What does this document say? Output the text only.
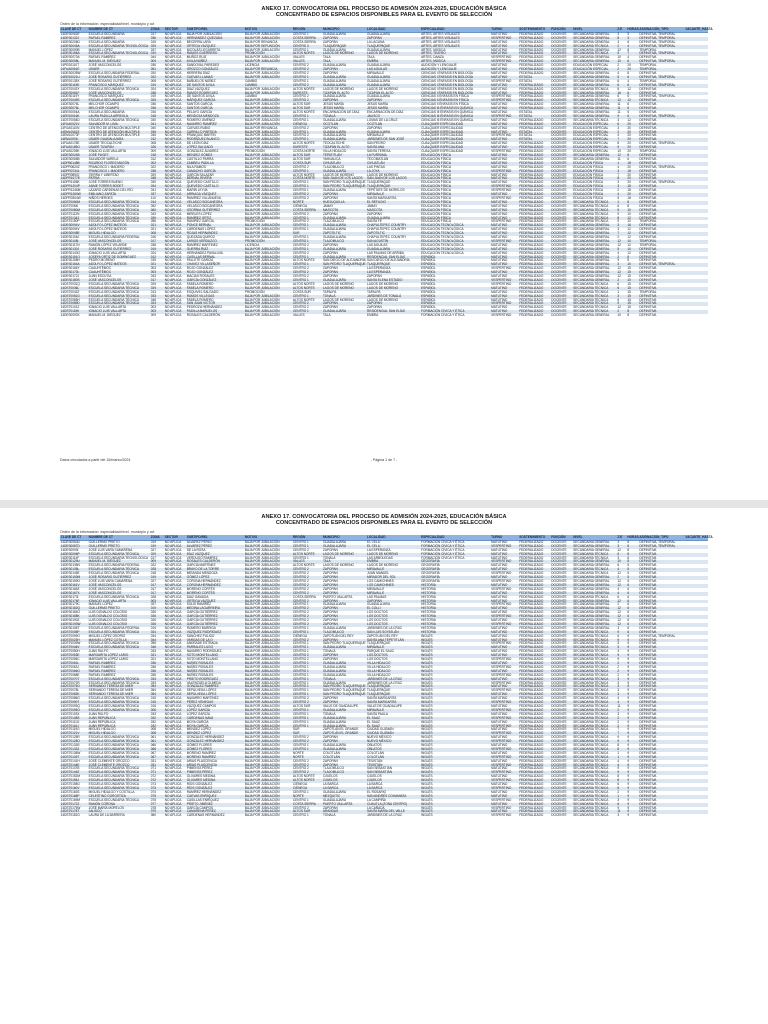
ANEXO 17. CONVOCATORIA DEL PROCESO DE ADMISIÓN 2024-2025, EDUCACIÓN BÁSICA
CONCENTRADO DE ESPACIOS DISPONIBLES PARA EL EVENTO DE SELECCIÓN
Orden de la información: especialidad/nivel, municipio y cct
CLAVE DE CT	NOMBRE DE CT	ZONA	SECTOR	SUBTIPO/REL	MOTIVO	REGIÓN	MUNICIPIO	LOCALIDAD	ESPECIALIDAD	TURNO	SOSTENIMIENTO	FUNCIÓN	NIVEL	Z.E	HORAS	ASIGNACIÓN_TIPO	VACANTE_HASTA
14DES0062E	ESCUELA SECUNDARIA	017	NO APLICA	BAJA POR JUBILACIÓN	BAJA POR JUBILACIÓN	CENTRO 1	GUADALAJARA	GUADALAJARA	ARTES, ARTES VISUALES	MATUTINO	FEDERALIZADO	DOCENTE	SECUNDARIA GENERAL	3	5	DEFINITIVA, TEMPORAL	
14DES0132J	RAFAEL RAMÍREZ	036	NO APLICA	HERNÁNDEZ QUEZADA	BAJA POR JUBILACIÓN	COSTA SIERRA	ZAPOPAN	ZAPOPAN	ARTES, ARTES VISUALES	VESPERTINO	FEDERALIZADO	DOCENTE	SECUNDARIA GENERAL	8	3	DEFINITIVA, TEMPORAL	
14DES0206D	ESCUELA SECUNDARIA	015	NO APLICA	BECERRA LARA	BAJA POR RENUNCIA	COSTA SIERRA	ZAPOPAN	LA LAGUNA	ARTES, ARTES VISUALES	MATUTINO	FEDERALIZADO	DOCENTE	SECUNDARIA GENERAL	4	6	DEFINITIVA, TEMPORAL	
14DES0045A	ESCUELA SECUNDARIA TECNOLÓGICA	029	NO APLICA	ORTEGA VÁZQUEZ	BAJA POR DEFUNCIÓN	CENTRO 3	TLAQUEPAQUE	TLAQUEPAQUE	ARTES, ARTES VISUALES	MATUTINO	FEDERALIZADO	DOCENTE	SECUNDARIA TÉCNICA	2	4	DEFINITIVA, TEMPORAL	
14DES0090B	MANUEL LÓPEZ	037	NO APLICA	NICOLÁS LEGARRETA	BAJA POR JUBILACIÓN	CENTRO 1	GUADALAJARA	GUADALAJARA	ARTES, MÚSICA	MATUTINO	FEDERALIZADO	DOCENTE	SECUNDARIA GENERAL	12	8	TEMPORAL	
14DES0156A	ESCUELA SECUNDARIA TECNOLÓGICA	010	NO APLICA	RAMOS GUERRERO	PROMOCIÓN	ALTOS NORTE	LAGOS DE MORENO	LAGOS DE MORENO	ARTES, TEATRO	MATUTINO	FEDERALIZADO	DOCENTE	SECUNDARIA TÉCNICA	9	7	DEFINITIVA, TEMPORAL	
14DES0070A	RAFAEL RAMÍREZ	044	NO APLICA	MUÑOZ RUIZ	BAJA POR JUBILACIÓN	VALLES	TALA	TALA	ARTES, DANZA	VESPERTINO	FEDERALIZADO	DOCENTE	SECUNDARIA GENERAL	10	4	DEFINITIVA	
14DES0098L	MANUEL M. DIÉGUEZ	009	NO APLICA	ÁVILA NÚÑEZ	BAJA POR JUBILACIÓN	VALLES	TALA	EMBRA	ARTES, MÚSICA	VESPERTINO	FEDERALIZADO	DOCENTE	SECUNDARIA GENERAL	10	6	DEFINITIVA, TEMPORAL	
14PES0110T	JOSÉ VASCONCELOS	036	NO APLICA	SANDOVAL PAREDES	LICENCIA	CENTRO 2	GUADALAJARA	GUADALAJARA	AUDICIÓN Y LENGUAJE	MATUTINO	FEDERALIZADO	DOCENTE	EDUCACIÓN ESPECIAL	2	20	TEMPORAL	
14FUA0061E	USAER	051	NO APLICA	OROZCO GONZÁLEZ	BAJA POR RENUNCIA	CENTRO 2	ZAPOPAN	LAS AGUILAS	AUDICIÓN Y LENGUAJE	MATUTINO	FEDERALIZADO	DOCENTE	EDUCACIÓN ESPECIAL	2	20	TEMPORAL	
14DES0035W	ESCUELA SECUNDARIA FEDERAL	020	NO APLICA	HERRERA DÍAZ	BAJA POR JUBILACIÓN	CENTRO 2	ZAPOPAN	MIRAVALLE	CIENCIAS I ÉNFASIS EN BIOLOGÍA	MATUTINO	FEDERALIZADO	DOCENTE	SECUNDARIA GENERAL	4	8	DEFINITIVA	
14EES0021U	JOSÉ ROSARIO GUTIÉRREZ	022	NO APLICA	CUEVAS LLAMAS	BAJA POR JUBILACIÓN	CENTRO 1	GUADALAJARA	GUADALAJARA	CIENCIAS I ÉNFASIS EN BIOLOGÍA	MATUTINO	ESTATAL	DOCENTE	SECUNDARIA GENERAL	5	6	DEFINITIVA, TEMPORAL	
14EES0135X	JOSÉ ROSARIO GUTIÉRREZ	008	NO APLICA	BAÑUELOS NÚÑEZ	CAMBIO	CENTRO 1	GUADALAJARA	GUADALAJARA	CIENCIAS I ÉNFASIS EN BIOLOGÍA	VESPERTINO	ESTATAL	DOCENTE	SECUNDARIA GENERAL	6	4	TEMPORAL	
14DES0115E	FRANCISCO MÁRQUEZ	019	NO APLICA	DE SANTOS ÁVILA	CAMBIO	CENTRO 2	GUADALAJARA	GUADALAJARA	CIENCIAS I ÉNFASIS EN BIOLOGÍA	MATUTINO	FEDERALIZADO	DOCENTE	SECUNDARIA GENERAL	6	6	DEFINITIVA, TEMPORAL	
14DST0043Y	ESCUELA SECUNDARIA TÉCNICA	024	NO APLICA	DÍAZ VÁZQUEZ	BAJA POR JUBILACIÓN	ALTOS NORTE	LAGOS DE MORENO	LAGOS DE MORENO	CIENCIAS I ÉNFASIS EN BIOLOGÍA	MATUTINO	FEDERALIZADO	DOCENTE	SECUNDARIA TÉCNICA	8	12	DEFINITIVA	
14DES0081F	JOSÉ VASCONCELOS	038	NO APLICA	RAMOS RODRÍGUEZ	BAJA POR JUBILACIÓN	SURESTE	TIZAPÁN EL ALTO	TIZAPÁN EL ALTO	CIENCIAS I ÉNFASIS EN BIOLOGÍA	MATUTINO	FEDERALIZADO	DOCENTE	SECUNDARIA GENERAL	16	6	DEFINITIVA	
14DES0119Y	FRANCISCO MÁRQUEZ	019	NO APLICA	DE SANTOS ÁVILA	CAMBIO	CENTRO 2	GUADALAJARA	GUADALAJARA	CIENCIAS II ÉNFASIS EN FÍSICA	VESPERTINO	FEDERALIZADO	DOCENTE	SECUNDARIA GENERAL	6	6	DEFINITIVA, TEMPORAL	
14DST0049S	ESCUELA SECUNDARIA TÉCNICA	025	NO APLICA	MÁRQUEZ GARCÍA	BAJA POR JUBILACIÓN	CENTRO 2	ZAPOPAN	ZAPOPAN	CIENCIAS II ÉNFASIS EN FÍSICA	VESPERTINO	FEDERALIZADO	DOCENTE	SECUNDARIA TÉCNICA	12	12	DEFINITIVA	
14DES0076L	MELCHOR OCAMPO	036	NO APLICA	SANTOS GARCÍA	BAJA POR JUBILACIÓN	ALTOS SUR	JESÚS MARÍA	JESÚS MARÍA	CIENCIAS II ÉNFASIS EN FÍSICA	MATUTINO	FEDERALIZADO	DOCENTE	SECUNDARIA GENERAL	11	6	DEFINITIVA	
14DES0076L	MELCHOR OCAMPO	036	NO APLICA	SANTOS GARCÍA	BAJA POR JUBILACIÓN	ALTOS SUR	JESÚS MARÍA	JESÚS MARÍA	CIENCIAS III ÉNFASIS EN QUÍMICA	MATUTINO	FEDERALIZADO	DOCENTE	SECUNDARIA GENERAL	11	6	DEFINITIVA	
14EES0004A	ESCUELA SECUNDARIA	016	NO APLICA	PELAYO GARCÍA	BAJA POR JUBILACIÓN	ALTOS NORTE	ENCARNACIÓN DE DÍAZ	ENCARNACIÓN DE DÍAZ	CIENCIAS III ÉNFASIS EN QUÍMICA	MATUTINO	ESTATAL	DOCENTE	SECUNDARIA GENERAL	11	5	DEFINITIVA	
14EES0016K	LAURA PADILLA ARREOLA	018	NO APLICA	MENDOZA MENDOZA	BAJA POR JUBILACIÓN	CENTRO 1	TONALÁ	JALISCO	CIENCIAS III ÉNFASIS EN QUÍMICA	VESPERTINO	ESTATAL	DOCENTE	SECUNDARIA GENERAL	9	6	DEFINITIVA, TEMPORAL	
14DST0054D	ESCUELA SECUNDARIA TÉCNICA	030	NO APLICA	ROMERO JIMÉNEZ	BAJA POR JUBILACIÓN	CENTRO 1	GUADALAJARA	LOMAS DE LA CRUZ	CIENCIAS III ÉNFASIS EN QUÍMICA	MATUTINO	FEDERALIZADO	DOCENTE	SECUNDARIA TÉCNICA	3	12	DEFINITIVA	
14FUA0021V	SALVADOR M. LIMA	041	NO APLICA	NAVARRO RAMÍREZ	BAJA POR JUBILACIÓN	CIÉNEGA	OCOTLÁN	OCOTLÁN	CUALQUIER ESPECIALIDAD	MATUTINO	FEDERALIZADO	DOCENTE	EDUCACIÓN ESPECIAL	6	20	DEFINITIVA	
14FUA0110N	CENTRO DE ATENCIÓN MÚLTIPLE	040	NO APLICA	CUEVAS RUBIO	BAJA POR RENUNCIA	CENTRO 2	ZAPOPAN	ZAPOPAN	CUALQUIER ESPECIALIDAD	MATUTINO	FEDERALIZADO	DOCENTE	EDUCACIÓN ESPECIAL	3	20	DEFINITIVA	
14EML0062Z	CENTRO DE ATENCIÓN MÚLTIPLE	039	NO APLICA	CARRILLO PARTIDA	BAJA POR JUBILACIÓN	CENTRO 1	GUADALAJARA	GUADALAJARA	CUALQUIER ESPECIALIDAD	MATUTINO	ESTATAL	DOCENTE	EDUCACIÓN ESPECIAL	2	20	DEFINITIVA	
14EML0073F	CENTRO DE ATENCIÓN MÚLTIPLE	045	NO APLICA	FRANQUIZ MARTÍN	BAJA POR JUBILACIÓN	CENTRO 2	GUADALAJARA	MIRAVALLE	CUALQUIER ESPECIALIDAD	VESPERTINO	ESTATAL	DOCENTE	EDUCACIÓN ESPECIAL	4	20	DEFINITIVA	
14EML0091I	USAER GUADALAJARA	012	NO APLICA	RODRÍGUEZ BLANCO	BAJA POR JUBILACIÓN	CENTRO 1	GUADALAJARA	JARDINES DE SAN JOSÉ	CUALQUIER ESPECIALIDAD	MATUTINO	ESTATAL	DOCENTE	EDUCACIÓN ESPECIAL	7	20	DEFINITIVA	
14FUA0178E	USAER TEOCALTICHE	008	NO APLICA	DE LEÓN DÍAZ	BAJA POR JUBILACIÓN	ALTOS NORTE	TEOCALTICHE	SAN PEDRO	CUALQUIER ESPECIALIDAD	MATUTINO	FEDERALIZADO	DOCENTE	EDUCACIÓN ESPECIAL	8	20	DEFINITIVA, TEMPORAL	
14FUA0185O	USAER TIZAPÁN	026	NO APLICA	LÓPEZ SALGADO	BAJA POR JUBILACIÓN	SURESTE	TIZAPÁN EL ALTO	SANTA ANA	CUALQUIER ESPECIALIDAD	MATUTINO	FEDERALIZADO	DOCENTE	EDUCACIÓN ESPECIAL	9	20	DEFINITIVA	
14FUA0205K	IGNACIO LUIS VALLARTA	009	NO APLICA	GONZÁLEZ ÁLVAREZ	PROMOCIÓN	COSTA NORTE	VILLA HIDALGO	SANTA TERESA	CUALQUIER ESPECIALIDAD	VESPERTINO	FEDERALIZADO	DOCENTE	EDUCACIÓN ESPECIAL	10	20	TEMPORAL	
14DES0024B	JOSÉ PUGET	018	NO APLICA	MENDEZ GÓMEZ	BAJA POR JUBILACIÓN	ALTOS SUR	TEPATITLÁN	LA PURÍSIMA	EDUCACIÓN FÍSICA	MATUTINO	FEDERALIZADO	DOCENTE	SECUNDARIA GENERAL	12	8	DEFINITIVA	
14DES0065B	SALVADOR VARELA	012	NO APLICA	CASTILLO PARRA	BAJA POR JUBILACIÓN	ALTOS SUR	YAHUALICA	TECOMATLÁN	EDUCACIÓN FÍSICA	MATUTINO	FEDERALIZADO	DOCENTE	SECUNDARIA GENERAL	11	6	DEFINITIVA	
14DPB0148B	RICARDO FLORES MAGÓN	002	NO APLICA	ZAMBELI PADILLA	BAJA POR JUBILACIÓN	COSTA SUR	CIHUATLÁN	CIHUATLÁN	EDUCACIÓN FÍSICA	MATUTINO	FEDERALIZADO	DOCENTE	EDUCACIÓN FÍSICA	1	18	DEFINITIVA	
14DPR0620Z	FRANCISCO I. MADERO	022	NO APLICA	NILA RAMOS	BAJA POR JUBILACIÓN	CENTRO 2	TLAJOMULCO	LAS PINTAS	EDUCACIÓN FÍSICA	MATUTINO	FEDERALIZADO	DOCENTE	EDUCACIÓN FÍSICA	4	20	DEFINITIVA, TEMPORAL	
14DPR0734L	FRANCISCO I. MADERO	038	NO APLICA	CAMACHO GARCÍA	BAJA POR JUBILACIÓN	CENTRO 1	GUADALAJARA	LA JOYA	EDUCACIÓN FÍSICA	VESPERTINO	FEDERALIZADO	DOCENTE	EDUCACIÓN FÍSICA	3	18	DEFINITIVA	
14DPR0890J	TIERRA Y LIBERTAD	029	NO APLICA	GARCÍA SALAZAR	BAJA POR JUBILACIÓN	ALTOS NORTE	LAGOS DE MORENO	LAGOS DE MORENO	EDUCACIÓN FÍSICA	MATUTINO	FEDERALIZADO	DOCENTE	EDUCACIÓN FÍSICA	7	20	DEFINITIVA	
14DPR1077E	PATRIA	048	NO APLICA	BERNAL RIVERA	BAJA POR JUBILACIÓN	COSTA NORTE	SAN JUAN DE LOS LAGOS	SAN JUAN DE LOS LAGOS	EDUCACIÓN FÍSICA	MATUTINO	FEDERALIZADO	DOCENTE	EDUCACIÓN FÍSICA	8	20	DEFINITIVA	
14DPR1155K	JOSÉ TORRES BUENO	030	NO APLICA	QUEVEDO CASTILLO	BAJA POR JUBILACIÓN	CENTRO 1	SAN PEDRO TLAQUEPAQUE	TLAQUEPAQUE	EDUCACIÓN FÍSICA	MATUTINO	FEDERALIZADO	DOCENTE	EDUCACIÓN FÍSICA	3	20	DEFINITIVA, TEMPORAL	
14DPR1204P	JAIME TORRES BODET	034	NO APLICA	QUEVEDO CASTILLO	BAJA POR JUBILACIÓN	CENTRO 1	SAN PEDRO TLAQUEPAQUE	TLAQUEPAQUE	EDUCACIÓN FÍSICA	VESPERTINO	FEDERALIZADO	DOCENTE	EDUCACIÓN FÍSICA	3	18	DEFINITIVA	
14DPR1246M	LÁZARO CÁRDENAS DEL RÍO	041	NO APLICA	MARÍN LEYVA	BAJA POR JUBILACIÓN	CENTRO 1	GUADALAJARA	TEPETATE DE MORELOS	EDUCACIÓN FÍSICA	VESPERTINO	FEDERALIZADO	DOCENTE	EDUCACIÓN FÍSICA	2	18	DEFINITIVA	
14DPR1269W	EMILIANO ZAPATA	037	NO APLICA	ARRIAGA VÁZQUEZ	BAJA POR JUBILACIÓN	CENTRO 2	ZAPOPAN	MIRAVALLE	EDUCACIÓN FÍSICA	MATUTINO	FEDERALIZADO	DOCENTE	EDUCACIÓN FÍSICA	4	20	DEFINITIVA	
14DPR0304W	NIÑOS HÉROES	110	NO APLICA	RAMÍREZ VILLANUEVA	BAJA POR JUBILACIÓN	CENTRO 2	ZAPOPAN	SANTA MARGARITA	EDUCACIÓN FÍSICA	VESPERTINO	FEDERALIZADO	DOCENTE	EDUCACIÓN FÍSICA	5	18	DEFINITIVA	
14DST0060M	ESCUELA SECUNDARIA TÉCNICA	014	NO APLICA	VELASCO BOCANEGRA	BAJA POR JUBILACIÓN	NORTE	HUEJUQUILLA	EL REFUGIO	EDUCACIÓN FÍSICA	MATUTINO	FEDERALIZADO	DOCENTE	SECUNDARIA TÉCNICA	1	8	DEFINITIVA	
14DST0064I	ESCUELA SECUNDARIA TÉCNICA	052	NO APLICA	VELASCO BOCANEGRA	BAJA POR JUBILACIÓN	CIÉNEGA	JAMAY	JAMAY	EDUCACIÓN FÍSICA	MATUTINO	FEDERALIZADO	DOCENTE	SECUNDARIA TÉCNICA	6	8	DEFINITIVA	
14DST0080M	ESCUELA SECUNDARIA TÉCNICA	060	NO APLICA	OSORNIA GUTIÉRREZ	BAJA POR JUBILACIÓN	COSTA SIERRA	MASCOTA	MASCOTA	EDUCACIÓN FÍSICA	MATUTINO	FEDERALIZADO	DOCENTE	SECUNDARIA TÉCNICA	5	10	DEFINITIVA	
14DST0112N	ESCUELA SECUNDARIA TÉCNICA	043	NO APLICA	MIRELES LÓPEZ	BAJA POR JUBILACIÓN	CENTRO 2	ZAPOPAN	ZAPOPAN	EDUCACIÓN FÍSICA	MATUTINO	FEDERALIZADO	DOCENTE	SECUNDARIA TÉCNICA	9	10	DEFINITIVA	
14DST0134Z	ESCUELA SECUNDARIA TÉCNICA	039	NO APLICA	RAMÍREZ ORTIZ	BAJA POR JUBILACIÓN	CENTRO 1	GUADALAJARA	GUADALAJARA	EDUCACIÓN FÍSICA	MATUTINO	FEDERALIZADO	DOCENTE	SECUNDARIA TÉCNICA	8	12	DEFINITIVA	
14DST0150P	ESCUELA SECUNDARIA TÉCNICA	056	NO APLICA	RAMÍREZ GARCÍA	PROMOCIÓN	CENTRO 2	TLAJOMULCO	SANTA FE	EDUCACIÓN FÍSICA	VESPERTINO	FEDERALIZADO	DOCENTE	SECUNDARIA TÉCNICA	9	10	TEMPORAL	
14DES0094V	ADOLFO LÓPEZ MATEOS	021	NO APLICA	PONCE BERNAL	BAJA POR JUBILACIÓN	CENTRO 1	GUADALAJARA	CHAPULTEPEC COUNTRY	EDUCACIÓN TECNOLÓGICA	MATUTINO	FEDERALIZADO	DOCENTE	SECUNDARIA GENERAL	3	16	DEFINITIVA	
14DES0094V	ADOLFO LÓPEZ MATEOS	021	NO APLICA	CÁRDENAS LÓPEZ	BAJA POR JUBILACIÓN	CENTRO 1	GUADALAJARA	CHAPULTEPEC COUNTRY	EDUCACIÓN TECNOLÓGICA	MATUTINO	FEDERALIZADO	DOCENTE	SECUNDARIA GENERAL	3	12	DEFINITIVA	
14DES0098E	MIGUEL HIDALGO	008	NO APLICA	ROJAS HERNÁNDEZ	BAJA POR JUBILACIÓN	SUR	ZAPOTILTIC	ZAPOTILTIC	EDUCACIÓN TECNOLÓGICA	MATUTINO	FEDERALIZADO	DOCENTE	SECUNDARIA GENERAL	7	12	DEFINITIVA	
14DES0106J	ESCUELA SECUNDARIA FEDERAL	016	NO APLICA	QUEZADA QUIROZ	BAJA POR JUBILACIÓN	CENTRO 1	GUADALAJARA	CHAPULTEPEC COUNTRY	EDUCACIÓN TECNOLÓGICA	MATUTINO	FEDERALIZADO	DOCENTE	SECUNDARIA GENERAL	2	12	DEFINITIVA	
14DES0108I	JOSÉ VASCONCELOS	017	NO APLICA	LARIOS VERDUZCO	PROMOCIÓN	CENTRO 1	TLAJOMULCO	SAN AGUSTÍN	EDUCACIÓN TECNOLÓGICA	VESPERTINO	FEDERALIZADO	DOCENTE	SECUNDARIA GENERAL	12	10	TEMPORAL	
14DES0117N	RAMÓN LÓPEZ VELARDE	038	NO APLICA	RAMÍREZ MARTÍNEZ	LICENCIA	CENTRO 2	ZAPOPAN	LAS ÁGUILAS	EDUCACIÓN TECNOLÓGICA	MATUTINO	FEDERALIZADO	DOCENTE	SECUNDARIA GENERAL	12	12	TEMPORAL	
14DES0130J	JOSÉ ROSARIO GUTIÉRREZ	019	NO APLICA	GUERRA RUÍZ	BAJA POR JUBILACIÓN	CENTRO 1	GUADALAJARA	GUADALAJARA	EDUCACIÓN TECNOLÓGICA	MATUTINO	FEDERALIZADO	DOCENTE	SECUNDARIA GENERAL	5	10	DEFINITIVA	
14DES0143G	IGNACIO LUIS VALLARTA	024	NO APLICA	HERNÁNDEZ PAVALUVA	BAJA POR JUBILACIÓN	CENTRO 2	ZAPOPAN	LAS PALMAS DE ARRIBA	EDUCACIÓN TECNOLÓGICA	MATUTINO	FEDERALIZADO	DOCENTE	SECUNDARIA GENERAL	4	12	DEFINITIVA	
14DES0151O	JOSEFA ORTIZ DE DOMÍNGUEZ	012	NO APLICA	CASILLAS BERNAL	BAJA POR JUBILACIÓN	CENTRO 1	GUADALAJARA	RESIDENCIAL SAN ELÍAS	ESPAÑOL	MATUTINO	FEDERALIZADO	DOCENTE	SECUNDARIA GENERAL	2	8	DEFINITIVA	
14DES0158H	PEDRO MORENO	015	NO APLICA	PALLETE GARCÍA	BAJA POR JUBILACIÓN	ALTOS NORTE	SAN DIEGO DE ALEJANDRÍA	SAN DIEGO DE ALEJANDRÍA	ESPAÑOL	MATUTINO	FEDERALIZADO	DOCENTE	SECUNDARIA GENERAL	9	5	DEFINITIVA	
14DES0164A	ADOLFO LÓPEZ MATEOS	021	NO APLICA	CHAVEZ VILLASEÑOR	BAJA POR JUBILACIÓN	CENTRO 1	SAN PEDRO TLAQUEPAQUE	TLAQUEPAQUE	ESPAÑOL	MATUTINO	FEDERALIZADO	DOCENTE	SECUNDARIA GENERAL	3	10	DEFINITIVA, TEMPORAL	
14DES0166Y	CUAUHTÉMOC	003	NO APLICA	ROJO GONZÁLEZ	BAJA POR JUBILACIÓN	CENTRO 2	ZAPOPAN	LA ESPERANZA	ESPAÑOL	VESPERTINO	FEDERALIZADO	DOCENTE	SECUNDARIA GENERAL	12	15	DEFINITIVA	
14DES0170L	CUAUHTÉMOC	003	NO APLICA	ROJO GONZÁLEZ	BAJA POR JUBILACIÓN	CENTRO 2	ZAPOPAN	LA ESPERANZA	ESPAÑOL	MATUTINO	FEDERALIZADO	DOCENTE	SECUNDARIA GENERAL	12	15	DEFINITIVA	
14DES0172J	JUAN ESCUTIA	043	NO APLICA	MACIAS ROSALES	BAJA POR JUBILACIÓN	CENTRO 2	ZAPOPAN	ZAPOPAN	ESPAÑOL	MATUTINO	FEDERALIZADO	DOCENTE	SECUNDARIA GENERAL	12	15	DEFINITIVA	
14DES0180S	JOSÉ VASCONCELOS	017	NO APLICA	GARCÍA GONZÁLEZ	BAJA POR JUBILACIÓN	CENTRO 1	GUADALAJARA	SANTA ELENA ESTADIO	ESPAÑOL	VESPERTINO	FEDERALIZADO	DOCENTE	SECUNDARIA GENERAL	2	10	DEFINITIVA	
14DST0031Q	ESCUELA SECUNDARIA TÉCNICA	029	NO APLICA	FABELA ROMERO	BAJA POR JUBILACIÓN	ALTOS NORTE	LAGOS DE MORENO	LAGOS DE MORENO	ESPAÑOL	VESPERTINO	FEDERALIZADO	DOCENTE	SECUNDARIA TÉCNICA	6	15	DEFINITIVA	
14DST0036L	ESCUELA SECUNDARIA TÉCNICA	029	NO APLICA	FABELA ROMERO	BAJA POR JUBILACIÓN	ALTOS NORTE	LAGOS DE MORENO	LAGOS DE MORENO	ESPAÑOL	MATUTINO	FEDERALIZADO	DOCENTE	SECUNDARIA TÉCNICA	6	15	DEFINITIVA	
14DST0042Z	ESCUELA SECUNDARIA TÉCNICA	013	NO APLICA	ESQUIVEL SALGADO	PROMOCIÓN	COSTA SUR	TAPALPA	TAPALPA	ESPAÑOL	MATUTINO	FEDERALIZADO	DOCENTE	SECUNDARIA TÉCNICA	1	15	TEMPORAL	
14DST0051G	ESCUELA SECUNDARIA TÉCNICA	033	NO APLICA	RAMOS VILLEGAS	BAJA POR JUBILACIÓN	CENTRO 1	TONALÁ	JARDINES DE TONALÁ	ESPAÑOL	MATUTINO	FEDERALIZADO	DOCENTE	SECUNDARIA TÉCNICA	3	15	DEFINITIVA	
14DST0065H	ESCUELA SECUNDARIA TÉCNICA	048	NO APLICA	FABELA ROMERO	BAJA POR JUBILACIÓN	ALTOS NORTE	LAGOS DE MORENO	LAGOS DE MORENO	ESPAÑOL	MATUTINO	FEDERALIZADO	DOCENTE	SECUNDARIA TÉCNICA	6	15	DEFINITIVA	
14DST0089D	ESCUELA SECUNDARIA TÉCNICA	024	NO APLICA	SAN JUAN VICTOR	BAJA POR JUBILACIÓN	CENTRO 2	ZAPOPAN	ZAPOPAN	ESPAÑOL	VESPERTINO	FEDERALIZADO	DOCENTE	SECUNDARIA TÉCNICA	9	15	DEFINITIVA	
14DST0101Z	IGNACIO LUIS VALLARTA	003	NO APLICA	PEDROZA HERNÁNDEZ	BAJA POR JUBILACIÓN	CENTRO 2	ZAPOPAN	ZAPOPAN	ESPAÑOL	MATUTINO	FEDERALIZADO	DOCENTE	SECUNDARIA TÉCNICA	12	15	DEFINITIVA	
14DST0115K	IGNACIO LUIS VALLARTA	003	NO APLICA	PADILLA BAÑUELOS	BAJA POR JUBILACIÓN	CENTRO 1	GUADALAJARA	RESIDENCIAL SAN ELÍAS	FORMACIÓN CÍVICA Y ÉTICA	MATUTINO	FEDERALIZADO	DOCENTE	SECUNDARIA TÉCNICA	2	8	DEFINITIVA	
14DES0093X	MANUEL M. DIÉGUEZ	009	NO APLICA	ROSALES CALDERÓN	BAJA POR JUBILACIÓN	VALLES	TALA	EMBRA	FORMACIÓN CÍVICA Y ÉTICA	VESPERTINO	FEDERALIZADO	DOCENTE	SECUNDARIA GENERAL	10	8	DEFINITIVA	
Datos vinculados a partir del 15/marzo/2024	- Página 1 de 7 -
ANEXO 17. CONVOCATORIA DEL PROCESO DE ADMISIÓN 2024-2025, EDUCACIÓN BÁSICA
CONCENTRADO DE ESPACIOS DISPONIBLES PARA EL EVENTO DE SELECCIÓN
Orden de la información: especialidad/nivel, municipio y cct
CLAVE DE CT	NOMBRE DE CT	ZONA	SECTOR	SUBTIPO/REL	MOTIVO	REGIÓN	MUNICIPIO	LOCALIDAD	ESPECIALIDAD	TURNO	SOSTENIMIENTO	FUNCIÓN	NIVEL	Z.E	HORAS	ASIGNACIÓN_TIPO	VACANTE_HASTA
14DES0063D	GUILLERMO PRIETO	019	NO APLICA	ÁLVAREZ PÉREZ	BAJA POR JUBILACIÓN	CENTRO 1	GUADALAJARA	EL CELLI	FORMACIÓN CÍVICA Y ÉTICA	MATUTINO	FEDERALIZADO	DOCENTE	SECUNDARIA GENERAL	3	8	DEFINITIVA, TEMPORAL	
14DES0087D	GUILLERMO PRIETO	019	NO APLICA	ÁLVAREZ PÉREZ	BAJA POR JUBILACIÓN	CENTRO 1	GUADALAJARA	EL CELLI	FORMACIÓN CÍVICA Y ÉTICA	VESPERTINO	FEDERALIZADO	DOCENTE	SECUNDARIA GENERAL	3	8	DEFINITIVA, TEMPORAL	
14DES0093I	JOSÉ LUIS VARA CAMARENA	027	NO APLICA	DE LA ROSA	BAJA POR JUBILACIÓN	CENTRO 2	ZAPOPAN	LA ESPERANZA	FORMACIÓN CÍVICA Y ÉTICA	MATUTINO	FEDERALIZADO	DOCENTE	SECUNDARIA GENERAL	12	8	DEFINITIVA	
14DES0096P	ESCUELA SECUNDARIA TÉCNICA	029	NO APLICA	DÍAZ VÁZQUEZ	BAJA POR JUBILACIÓN	ALTOS NORTE	LAGOS DE MORENO	LAGOS DE MORENO	FORMACIÓN CÍVICA Y ÉTICA	MATUTINO	FEDERALIZADO	DOCENTE	SECUNDARIA TÉCNICA	6	8	DEFINITIVA	
14DES0114F	ESCUELA SECUNDARIA TECNOLÓGICA	017	NO APLICA	VERDUGO RAMÍREZ	BAJA POR JUBILACIÓN	CENTRO 1	TONALÁ	LAS ARBOLEDAS	FORMACIÓN CÍVICA Y ÉTICA	MATUTINO	FEDERALIZADO	DOCENTE	SECUNDARIA TÉCNICA	3	8	DEFINITIVA	
14DES0129U	MANUEL M. DIÉGUEZ	009	NO APLICA	ROSALES CALDERÓN	BAJA POR JUBILACIÓN	VALLES	TALA	EMBRA	GEOGRAFÍA	VESPERTINO	FEDERALIZADO	DOCENTE	SECUNDARIA GENERAL	10	5	DEFINITIVA	
14DES0136N	ESCUELA SECUNDARIA FEDERAL	022	NO APLICA	GARCÍA MARTÍNEZ	BAJA POR JUBILACIÓN	ALTOS NORTE	LAGOS DE MORENO	LAGOS DE MORENO	GEOGRAFÍA	MATUTINO	FEDERALIZADO	DOCENTE	SECUNDARIA GENERAL	6	5	DEFINITIVA	
14DES0138L	ESCUELA SECUNDARIA TÉCNICA	028	NO APLICA	BRAVO DE LA TORRE	BAJA POR JUBILACIÓN	CENTRO 2	ZAPOPAN	MIRAVALLE	GEOGRAFÍA	MATUTINO	FEDERALIZADO	DOCENTE	SECUNDARIA TÉCNICA	4	5	DEFINITIVA	
14DES0145E	ESCUELA SECUNDARIA TÉCNICA	018	NO APLICA	MIRANDA MENDOZA	BAJA POR JUBILACIÓN	CENTRO 2	ZAPOPAN	JUAN MANUEL	GEOGRAFÍA	VESPERTINO	FEDERALIZADO	DOCENTE	SECUNDARIA TÉCNICA	12	5	DEFINITIVA	
14DES0153M	JOSÉ ROSARIO GUTIÉRREZ	019	NO APLICA	GÓMEZ LÓPEZ	BAJA POR JUBILACIÓN	CENTRO 2	ZAPOPAN	MIRADOR DEL SOL	GEOGRAFÍA	MATUTINO	FEDERALIZADO	DOCENTE	SECUNDARIA GENERAL	2	5	DEFINITIVA	
14DES0159G	JOSÉ LUIS VARA CAMARENA	027	NO APLICA	CORONA HERNÁNDEZ	BAJA POR JUBILACIÓN	CENTRO 2	ZAPOPAN	LOS CAMICHINES	GEOGRAFÍA	VESPERTINO	FEDERALIZADO	DOCENTE	SECUNDARIA GENERAL	12	5	DEFINITIVA	
14DES0161V	JOSÉ VASCONCELOS	017	NO APLICA	CORONA HERNÁNDEZ	BAJA POR JUBILACIÓN	CENTRO 2	ZAPOPAN	LOS CAMICHINES	HISTORIA	MATUTINO	FEDERALIZADO	DOCENTE	SECUNDARIA GENERAL	12	6	DEFINITIVA	
14DES0165Z	JOSÉ VASCONCELOS	017	NO APLICA	MORENO CORTÉS	BAJA POR JUBILACIÓN	CENTRO 2	ZAPOPAN	MIRAVALLE	HISTORIA	VESPERTINO	FEDERALIZADO	DOCENTE	SECUNDARIA GENERAL	4	6	DEFINITIVA	
14DES0167X	JOSÉ VASCONCELOS	017	NO APLICA	MORENO CORTÉS	BAJA POR JUBILACIÓN	CENTRO 2	ZAPOPAN	MIRAVALLE	HISTORIA	MATUTINO	FEDERALIZADO	DOCENTE	SECUNDARIA GENERAL	4	6	DEFINITIVA	
14DES0173I	ESCUELA SECUNDARIA TÉCNICA	028	NO APLICA	DIAZ GAVAIGA	BAJA POR JUBILACIÓN	COSTA SIERRA	PUERTO VALLARTA	LAS PALMAS	HISTORIA	MATUTINO	FEDERALIZADO	DOCENTE	SECUNDARIA TÉCNICA	6	6	DEFINITIVA	
14DES0176F	IGNACIO LUIS VALLARTA	003	NO APLICA	ORTEGA VÁZQUEZ	BAJA POR JUBILACIÓN	CENTRO 2	ZAPOPAN	ZAPOPAN	HISTORIA	MATUTINO	FEDERALIZADO	DOCENTE	SECUNDARIA GENERAL	12	6	DEFINITIVA	
14DES0179C	MANUEL LÓPEZ	037	NO APLICA	SOLÍS RAMÍREZ	BAJA POR JUBILACIÓN	CENTRO 1	GUADALAJARA	GUADALAJARA	HISTORIA	VESPERTINO	FEDERALIZADO	DOCENTE	SECUNDARIA GENERAL	2	6	DEFINITIVA	
14DES0182Q	GUILLERMO PRIETO	019	NO APLICA	MEDINA LAGARREIRA	BAJA POR JUBILACIÓN	CENTRO 2	ZAPOPAN	EL COLLI	HISTORIA	MATUTINO	FEDERALIZADO	DOCENTE	SECUNDARIA GENERAL	12	6	DEFINITIVA	
14DES0184O	LUIS DONALDO COLOSIO	026	NO APLICA	GARCÍA GUTIÉRREZ	BAJA POR JUBILACIÓN	CENTRO 2	ZAPOPAN	LOS DOCTOS	HISTORIA	MATUTINO	FEDERALIZADO	DOCENTE	SECUNDARIA GENERAL	12	6	DEFINITIVA	
14DES0188K	LUIS DONALDO COLOSIO	026	NO APLICA	GARCÍA GUTIÉRREZ	BAJA POR JUBILACIÓN	CENTRO 2	ZAPOPAN	LOS DOCTOS	HISTORIA	VESPERTINO	FEDERALIZADO	DOCENTE	SECUNDARIA GENERAL	12	6	DEFINITIVA	
14DES0190Z	LUIS DONALDO COLOSIO	026	NO APLICA	GARCÍA GUTIÉRREZ	BAJA POR JUBILACIÓN	CENTRO 2	ZAPOPAN	LOS DOCTOS	HISTORIA	MATUTINO	FEDERALIZADO	DOCENTE	SECUNDARIA GENERAL	12	6	DEFINITIVA	
14DES0193W	LUIS DONALDO COLOSIO	026	NO APLICA	GARCÍA GUTIÉRREZ	BAJA POR JUBILACIÓN	CENTRO 2	ZAPOPAN	LOS DOCTOS	HISTORIA	VESPERTINO	FEDERALIZADO	DOCENTE	SECUNDARIA GENERAL	12	6	DEFINITIVA	
14DES0196T	ESCUELA SECUNDARIA FEDERAL	019	NO APLICA	ROMERO BARRIGA	BAJA POR JUBILACIÓN	CENTRO 1	GUADALAJARA	JARDINES DE LA CRUZ	HISTORIA	MATUTINO	FEDERALIZADO	DOCENTE	SECUNDARIA GENERAL	3	6	DEFINITIVA	
14DST0008P	ESCUELA SECUNDARIA TÉCNICA	024	NO APLICA	VÁZQUEZ RODRÍGUEZ	BAJA POR JUBILACIÓN	CENTRO 1	TLAJOMULCO	SAN LUIS SOYATLÁN	HISTORIA	MATUTINO	FEDERALIZADO	DOCENTE	SECUNDARIA TÉCNICA	9	6	DEFINITIVA	
14DST0009O	MIGUEL LÓPEZ OSORIO	034	NO APLICA	SÁNCHEZ PULIDO	BAJA POR JUBILACIÓN	CIÉNEGA	ZAPOTLÁN DEL REY	ZAPOTLÁN DEL REY	INGLÉS	MATUTINO	FEDERALIZADO	DOCENTE	SECUNDARIA TÉCNICA	6	9	DEFINITIVA, TEMPORAL	
14DST0023H	MANUEL LÓPEZ COTILLA	044	NO APLICA	VARGAS DE LA O	BAJA POR JUBILACIÓN	CENTRO 2	ZAPOPAN	SANTA ANA TEPETITLÁN	INGLÉS	MATUTINO	FEDERALIZADO	DOCENTE	SECUNDARIA TÉCNICA	9	9	DEFINITIVA	
14DST0039W	ESCUELA SECUNDARIA TÉCNICA	055	NO APLICA	ANDRADE ESTRADA	BAJA POR JUBILACIÓN	CENTRO 1	SAN PEDRO TLAQUEPAQUE	TLAQUEPAQUE	INGLÉS	VESPERTINO	FEDERALIZADO	DOCENTE	SECUNDARIA TÉCNICA	3	9	DEFINITIVA	
14DST0046V	ESCUELA SECUNDARIA TÉCNICA	046	NO APLICA	PARRALES LUGO	BAJA POR JUBILACIÓN	CENTRO 1	GUADALAJARA	MIRAVALLE	INGLÉS	MATUTINO	FEDERALIZADO	DOCENTE	SECUNDARIA TÉCNICA	3	9	DEFINITIVA	
14DST0050H	JUAN RULFO	033	NO APLICA	NAVARRO RODRÍGUEZ	BAJA POR JUBILACIÓN	CENTRO 1	TONALÁ	PARQUE EL SAUZ	INGLÉS	MATUTINO	FEDERALIZADO	DOCENTE	SECUNDARIA TÉCNICA	3	9	DEFINITIVA	
14DST0053E	MARGARITA LÓPEZ LARIO	021	NO APLICA	SOTO MONTELLANO	BAJA POR JUBILACIÓN	CENTRO 2	ZAPOPAN	LOS DOCTOS	INGLÉS	MATUTINO	FEDERALIZADO	DOCENTE	SECUNDARIA TÉCNICA	9	9	DEFINITIVA	
14DST0055C	MARGARITA LÓPEZ LARIO	021	NO APLICA	SOTO MONTELLANO	BAJA POR JUBILACIÓN	CENTRO 2	ZAPOPAN	LOS DOCTOS	INGLÉS	VESPERTINO	FEDERALIZADO	DOCENTE	SECUNDARIA TÉCNICA	9	9	DEFINITIVA	
14DST0061L	RAFAEL RAMÍREZ	036	NO APLICA	NUÑEZ ROSALES	BAJA POR JUBILACIÓN	CENTRO 1	GUADALAJARA	VILLA HIDALGO	INGLÉS	MATUTINO	FEDERALIZADO	DOCENTE	SECUNDARIA TÉCNICA	2	9	DEFINITIVA	
14DST0063J	RAFAEL RAMÍREZ	036	NO APLICA	NUÑEZ ROSALES	BAJA POR JUBILACIÓN	CENTRO 1	GUADALAJARA	VILLA HIDALGO	INGLÉS	VESPERTINO	FEDERALIZADO	DOCENTE	SECUNDARIA TÉCNICA	2	9	DEFINITIVA	
14DST0066G	RAFAEL RAMÍREZ	036	NO APLICA	NUÑEZ ROSALES	BAJA POR JUBILACIÓN	CENTRO 1	GUADALAJARA	VILLA HIDALGO	INGLÉS	MATUTINO	FEDERALIZADO	DOCENTE	SECUNDARIA TÉCNICA	2	9	DEFINITIVA	
14DST0068E	RAFAEL RAMÍREZ	036	NO APLICA	NUÑEZ ROSALES	BAJA POR JUBILACIÓN	CENTRO 1	GUADALAJARA	VILLA HIDALGO	INGLÉS	VESPERTINO	FEDERALIZADO	DOCENTE	SECUNDARIA TÉCNICA	2	9	DEFINITIVA	
14DST0070T	ESCUELA SECUNDARIA TÉCNICA	033	NO APLICA	PRIETO RODRÍGUEZ	BAJA POR JUBILACIÓN	CENTRO 1	TONALÁ	JARDINES DE LA CRUZ	INGLÉS	MATUTINO	FEDERALIZADO	DOCENTE	SECUNDARIA TÉCNICA	3	9	DEFINITIVA	
14DST0072R	ESCUELA SECUNDARIA TÉCNICA	033	NO APLICA	VALENZUELA OLMEDA	BAJA POR JUBILACIÓN	CENTRO 1	GUADALAJARA	JARDINES DE LA CRUZ	INGLÉS	VESPERTINO	FEDERALIZADO	DOCENTE	SECUNDARIA TÉCNICA	3	9	DEFINITIVA	
14DST0075O	SERVANDO TERESA DE MIER	054	NO APLICA	GONZÁLEZ RAMÍREZ	BAJA POR JUBILACIÓN	CENTRO 1	SAN PEDRO TLAQUEPAQUE	TLAQUEPAQUE	INGLÉS	MATUTINO	FEDERALIZADO	DOCENTE	SECUNDARIA TÉCNICA	3	9	DEFINITIVA	
14DST0078L	SERVANDO TERESA DE MIER	054	NO APLICA	SEPÚLVEDA LÓPEZ	BAJA POR JUBILACIÓN	CENTRO 1	SAN PEDRO TLAQUEPAQUE	TLAQUEPAQUE	INGLÉS	VESPERTINO	FEDERALIZADO	DOCENTE	SECUNDARIA TÉCNICA	3	9	DEFINITIVA	
14DST0082K	SERVANDO TERESA DE MIER	054	NO APLICA	SEPÚLVEDA LÓPEZ	BAJA POR JUBILACIÓN	CENTRO 1	SAN PEDRO TLAQUEPAQUE	TLAQUEPAQUE	INGLÉS	MATUTINO	FEDERALIZADO	DOCENTE	SECUNDARIA TÉCNICA	3	9	DEFINITIVA	
14DST0086G	ESCUELA SECUNDARIA TÉCNICA	015	NO APLICA	NAVARRO MARTÍNEZ	BAJA POR JUBILACIÓN	CENTRO 2	ZAPOPAN	SANTA MARGARITA	INGLÉS	MATUTINO	FEDERALIZADO	DOCENTE	SECUNDARIA TÉCNICA	4	9	DEFINITIVA	
14DST0090T	ESCUELA SECUNDARIA TÉCNICA	015	NO APLICA	PÉREZ VENEGAS	BAJA POR JUBILACIÓN	CENTRO 2	ZAPOPAN	SANTA MARGARITA	INGLÉS	VESPERTINO	FEDERALIZADO	DOCENTE	SECUNDARIA TÉCNICA	4	9	DEFINITIVA	
14DST0093Q	ESCUELA SECUNDARIA TÉCNICA	015	NO APLICA	VÁZQUEZ CAMPOS	BAJA POR JUBILACIÓN	ALTOS SUR	VALLE DE GUADALUPE	VALLE DE GUADALUPE	INGLÉS	MATUTINO	FEDERALIZADO	DOCENTE	SECUNDARIA TÉCNICA	11	9	DEFINITIVA	
14DST0095O	ESCUELA SECUNDARIA TÉCNICA	006	NO APLICA	LÓPEZ GARCÍA	BAJA POR JUBILACIÓN	CENTRO 1	GUADALAJARA	MIRAVALLE	INGLÉS	VESPERTINO	FEDERALIZADO	DOCENTE	SECUNDARIA TÉCNICA	2	9	DEFINITIVA	
14DST0103X	JUAN RULFO	033	NO APLICA	LÓPEZ GARCÍA	BAJA POR JUBILACIÓN	CENTRO 1	TONALÁ	SANTA PAULA	INGLÉS	MATUTINO	FEDERALIZADO	DOCENTE	SECUNDARIA TÉCNICA	3	9	DEFINITIVA	
14DST0108S	JUAN REPÚBLICA	032	NO APLICA	CÁRDENAS NAVA	BAJA POR JUBILACIÓN	CENTRO 1	GUADALAJARA	EL SAUZ	INGLÉS	VESPERTINO	FEDERALIZADO	DOCENTE	SECUNDARIA TÉCNICA	2	9	DEFINITIVA	
14DST0111O	JUAN REPÚBLICA	032	NO APLICA	MOYA GARCÍA	BAJA POR JUBILACIÓN	CENTRO 1	GUADALAJARA	EL SAUZ	INGLÉS	MATUTINO	FEDERALIZADO	DOCENTE	SECUNDARIA TÉCNICA	2	9	DEFINITIVA	
14DST0116J	JUAN REPÚBLICA	032	NO APLICA	MOYA GARCÍA	BAJA POR JUBILACIÓN	CENTRO 1	GUADALAJARA	EL SAUZ	INGLÉS	VESPERTINO	FEDERALIZADO	DOCENTE	SECUNDARIA TÉCNICA	2	9	DEFINITIVA	
14DST0119G	MIGUEL HIDALGO	008	NO APLICA	MENDEZ LÓPEZ	BAJA POR JUBILACIÓN	SUR	ZAPOTLÁN EL GRANDE	CIUDAD GUZMÁN	INGLÉS	MATUTINO	FEDERALIZADO	DOCENTE	SECUNDARIA TÉCNICA	7	9	DEFINITIVA	
14DST0121V	MIGUEL HIDALGO	008	NO APLICA	MENDEZ LÓPEZ	BAJA POR JUBILACIÓN	SUR	ZAPOTLÁN EL GRANDE	CIUDAD GUZMÁN	INGLÉS	VESPERTINO	FEDERALIZADO	DOCENTE	SECUNDARIA TÉCNICA	7	9	DEFINITIVA	
14DST0125R	ESCUELA SECUNDARIA TÉCNICA	061	NO APLICA	GONZÁLEZ HERNÁNDEZ	BAJA POR JUBILACIÓN	CENTRO 2	ZAPOPAN	NUEVO MÉXICO	INGLÉS	MATUTINO	FEDERALIZADO	DOCENTE	SECUNDARIA TÉCNICA	9	9	DEFINITIVA	
14DST0128O	ESCUELA SECUNDARIA TÉCNICA	061	NO APLICA	GONZÁLEZ HERNÁNDEZ	BAJA POR JUBILACIÓN	CENTRO 2	ZAPOPAN	NUEVO MÉXICO	INGLÉS	VESPERTINO	FEDERALIZADO	DOCENTE	SECUNDARIA TÉCNICA	9	9	DEFINITIVA	
14DST0131B	ESCUELA SECUNDARIA TÉCNICA	066	NO APLICA	GÓMEZ FLORES	BAJA POR JUBILACIÓN	CENTRO 1	GUADALAJARA	OBLATOS	INGLÉS	MATUTINO	FEDERALIZADO	DOCENTE	SECUNDARIA TÉCNICA	8	9	DEFINITIVA	
14DST0133Z	ESCUELA SECUNDARIA TÉCNICA	066	NO APLICA	GÓMEZ FLORES	BAJA POR JUBILACIÓN	CENTRO 1	GUADALAJARA	OBLATOS	INGLÉS	VESPERTINO	FEDERALIZADO	DOCENTE	SECUNDARIA TÉCNICA	8	9	DEFINITIVA	
14DST0136W	ESCUELA SECUNDARIA TÉCNICA	067	NO APLICA	MORENO RAMÍREZ	BAJA POR JUBILACIÓN	NORTE	COLOTLÁN	COLOTLÁN	INGLÉS	MATUTINO	FEDERALIZADO	DOCENTE	SECUNDARIA TÉCNICA	1	9	DEFINITIVA	
14DST0139T	ESCUELA SECUNDARIA TÉCNICA	067	NO APLICA	MORENO RAMÍREZ	BAJA POR JUBILACIÓN	NORTE	COLOTLÁN	COLOTLÁN	INGLÉS	VESPERTINO	FEDERALIZADO	DOCENTE	SECUNDARIA TÉCNICA	1	9	DEFINITIVA	
14DST0141H	JOSÉ CLEMENTE OROZCO	031	NO APLICA	ARIAS PLASCENCIA	BAJA POR JUBILACIÓN	CENTRO 2	ZAPOPAN	TESISTÁN	INGLÉS	MATUTINO	FEDERALIZADO	DOCENTE	SECUNDARIA TÉCNICA	4	9	DEFINITIVA	
14DST0144E	JOSÉ CLEMENTE OROZCO	031	NO APLICA	ARIAS PLASCENCIA	BAJA POR JUBILACIÓN	CENTRO 2	ZAPOPAN	TESISTÁN	INGLÉS	VESPERTINO	FEDERALIZADO	DOCENTE	SECUNDARIA TÉCNICA	4	9	DEFINITIVA	
14DST0147B	ESCUELA SECUNDARIA TÉCNICA	071	NO APLICA	PIMIENTA PÉREZ	BAJA POR JUBILACIÓN	CENTRO 2	TLAJOMULCO	SAN SEBASTIÁN	INGLÉS	MATUTINO	FEDERALIZADO	DOCENTE	SECUNDARIA TÉCNICA	9	9	DEFINITIVA	
14DST0149Z	ESCUELA SECUNDARIA TÉCNICA	071	NO APLICA	PIMIENTA PÉREZ	BAJA POR JUBILACIÓN	CENTRO 2	TLAJOMULCO	SAN SEBASTIÁN	INGLÉS	VESPERTINO	FEDERALIZADO	DOCENTE	SECUNDARIA TÉCNICA	9	9	DEFINITIVA	
14DST0152M	ESCUELA SECUNDARIA TÉCNICA	072	NO APLICA	OLIVARES MEDINA	BAJA POR JUBILACIÓN	ALTOS NORTE	OJUELOS	OJUELOS	INGLÉS	MATUTINO	FEDERALIZADO	DOCENTE	SECUNDARIA TÉCNICA	8	9	DEFINITIVA	
14DST0155J	ESCUELA SECUNDARIA TÉCNICA	072	NO APLICA	OLIVARES MEDINA	BAJA POR JUBILACIÓN	ALTOS NORTE	OJUELOS	OJUELOS	INGLÉS	VESPERTINO	FEDERALIZADO	DOCENTE	SECUNDARIA TÉCNICA	8	9	DEFINITIVA	
14DST0158G	ESCUELA SECUNDARIA TÉCNICA	073	NO APLICA	RÍOS GONZÁLEZ	BAJA POR JUBILACIÓN	CIÉNEGA	LA BARCA	LA BARCA	INGLÉS	MATUTINO	FEDERALIZADO	DOCENTE	SECUNDARIA TÉCNICA	6	9	DEFINITIVA	
14DST0160V	ESCUELA SECUNDARIA TÉCNICA	073	NO APLICA	RÍOS GONZÁLEZ	BAJA POR JUBILACIÓN	CIÉNEGA	LA BARCA	LA BARCA	INGLÉS	VESPERTINO	FEDERALIZADO	DOCENTE	SECUNDARIA TÉCNICA	6	9	DEFINITIVA	
14DST0163S	MIGUEL HIDALGO Y COSTILLA	074	NO APLICA	RAMÍREZ HERNÁNDEZ	BAJA POR JUBILACIÓN	CENTRO 1	GUADALAJARA	EL ROSARIO	INGLÉS	MATUTINO	FEDERALIZADO	DOCENTE	SECUNDARIA TÉCNICA	2	9	DEFINITIVA	
14DST0166P	CELESTINO GOROSTIZA	075	NO APLICA	CUEVAS ENRÍQUEZ	BAJA POR JUBILACIÓN	NORTE	MEZQUITIC	SAN ANDRÉS COHAMIATA	INGLÉS	MATUTINO	FEDERALIZADO	DOCENTE	SECUNDARIA TÉCNICA	1	9	DEFINITIVA	
14DST0169M	ESCUELA SECUNDARIA TÉCNICA	076	NO APLICA	CASILLAS ENRÍQUEZ	BAJA POR JUBILACIÓN	CENTRO 1	GUADALAJARA	LA CAMPIÑA	INGLÉS	VESPERTINO	FEDERALIZADO	DOCENTE	SECUNDARIA TÉCNICA	3	9	DEFINITIVA	
14DST0172Z	RAMÓN CORONA	077	NO APLICA	PRIETO JIMÉNEZ	BAJA POR JUBILACIÓN	COSTA SIERRA	PUERTO VALLARTA	CUAUTLA (ZONA CENTRO)	INGLÉS	MATUTINO	FEDERALIZADO	DOCENTE	SECUNDARIA TÉCNICA	6	9	DEFINITIVA	
14DST0175W	JOSÉ MARÍA MORELOS	078	NO APLICA	GARCÍA CAMPOS	BAJA POR JUBILACIÓN	CENTRO 2	ZAPOPAN	LA CAÑADA	INGLÉS	VESPERTINO	FEDERALIZADO	DOCENTE	SECUNDARIA TÉCNICA	9	9	DEFINITIVA	
14DST0178T	JALISCO	079	NO APLICA	CAMARENA PÉREZ	BAJA POR JUBILACIÓN	ALTOS SUR	ARANDAS	SANTA MARÍA DEL VALLE	INGLÉS	MATUTINO	FEDERALIZADO	DOCENTE	SECUNDARIA TÉCNICA	11	9	DEFINITIVA	
14DST0181G	LAURA DE LA BARRERA	080	NO APLICA	CÁRDENAS HERNÁNDEZ	BAJA POR JUBILACIÓN	CENTRO 1	TONALÁ	JARDINES DE LA CRUZ	INGLÉS	VESPERTINO	FEDERALIZADO	DOCENTE	SECUNDARIA TÉCNICA	3	9	DEFINITIVA	
